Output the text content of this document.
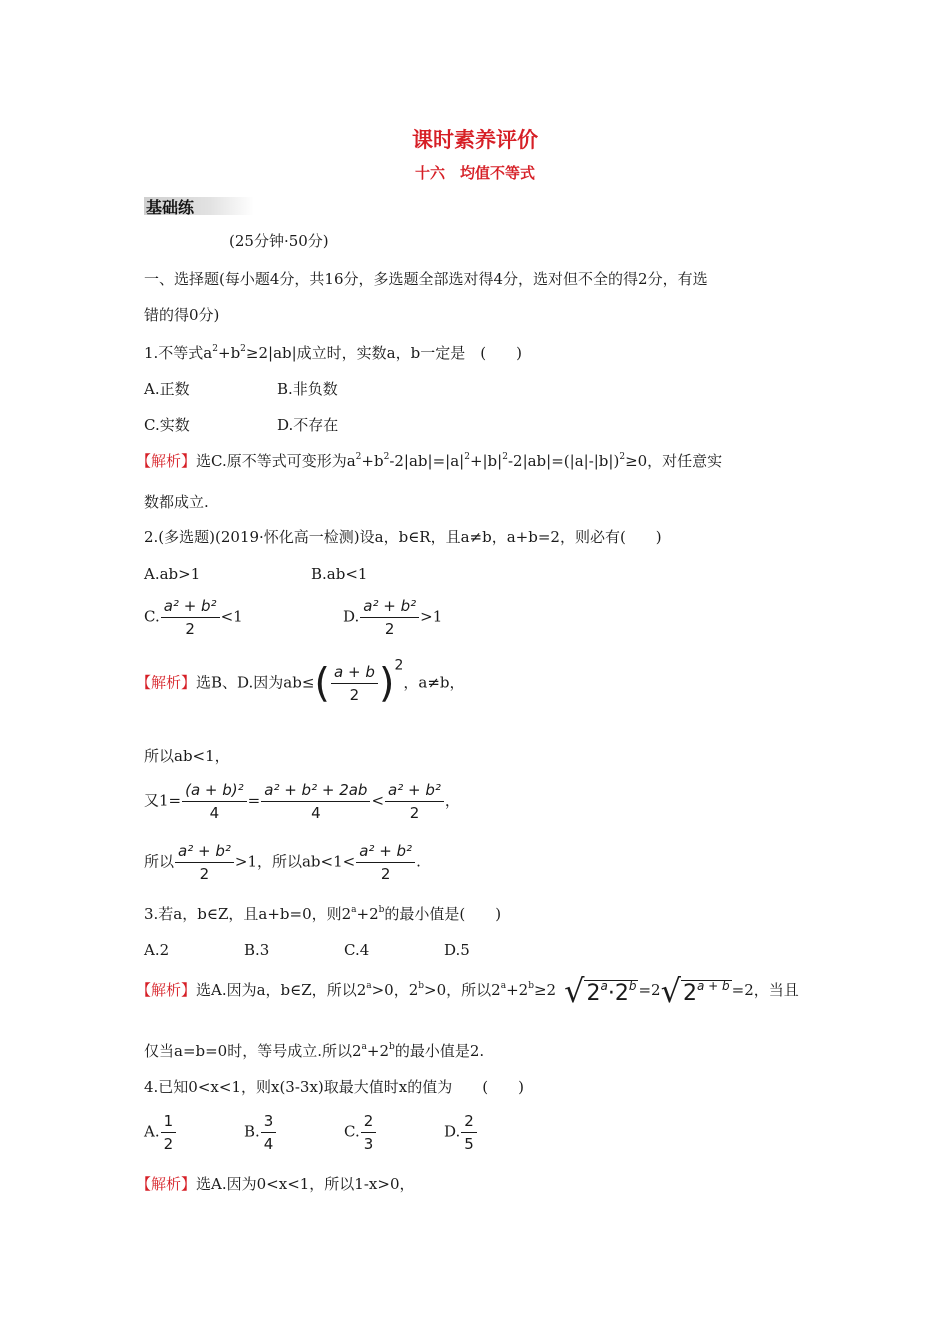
课时素养评价
十六　均值不等式
基础练
(25分钟·50分)
一、选择题(每小题4分，共16分，多选题全部选对得4分，选对但不全的得2分，有选
错的得0分)
1.不等式$a^2+b^2\ge 2|ab|$成立时，实数a，b一定是　(　　)
A.正数	B.非负数
C.实数	D.不存在
【解析】选C.原不等式可变形为$a^2+b^2-2|ab|=|a|^2+|b|^2-2|ab|=(|a|-|b|)^2\ge 0$，对任意实
数都成立.
2.(多选题)(2019·怀化高一检测)设a，b∈R，且a≠b，a+b=2，则必有(　　)
A.ab>1	B.ab<1
C. $\frac{\text{a² + b²}}{2} <1$	D. $\frac{\text{a² + b²}}{2} >1$
【解析】选B、D.因为$ab\le( \frac{a + b}{2} )^2$，a≠b，
所以ab<1，
又$1= \frac{\text{(a + b)²}}{4} = \frac{\text{a² + b² + 2ab}}{4} < \frac{\text{a² + b²}}{2}$ ，
所以 $\frac{\text{a² + b²}}{2} >1$，所以$ab<1< \frac{\text{a² + b²}}{2}$ .
3.若a，b∈Z，且a+b=0，则$2^a+2^b$的最小值是(　　)
A.2	B.3	C.4	D.5
【解析】选A.因为a，b∈Z，所以$2^a>0$，$2^b>0$，所以$2^a+2^b\ge 2$ √ $2^a\cdot 2^b =2$ √ $2^{a + b} =2$，当且
仅当a=b=0时，等号成立.所以$2^a+2^b$的最小值是2.
4.已知0<x<1，则x(3-3x)取最大值时x的值为　　(　　)
A. $\frac{1}{2}$	B. $\frac{3}{4}$	C. $\frac{2}{3}$	D. $\frac{2}{5}$
【解析】选A.因为0<x<1，所以1-x>0，
